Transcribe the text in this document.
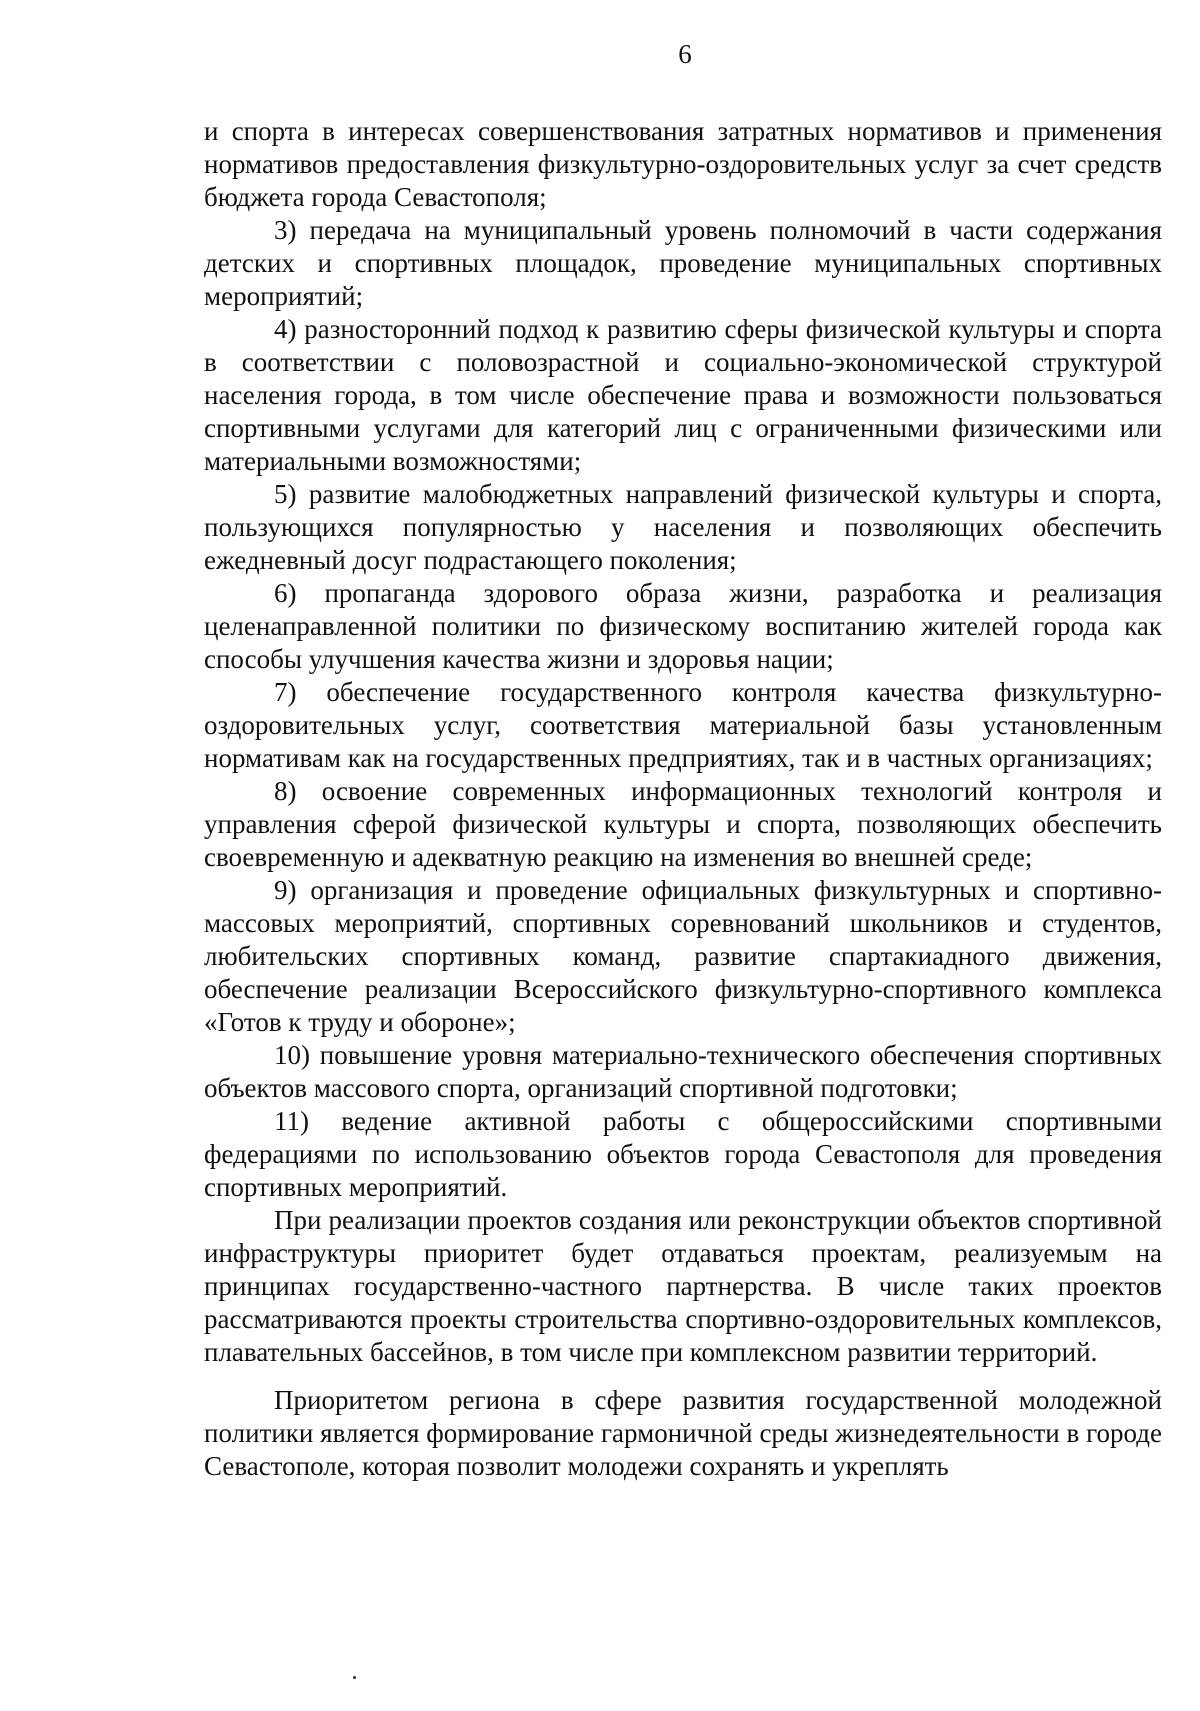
6

и спорта в интересах совершенствования затратных нормативов и применения нормативов предоставления физкультурно-оздоровительных услуг за счет средств бюджета города Севастополя;

3) передача на муниципальный уровень полномочий в части содержания детских и спортивных площадок, проведение муниципальных спортивных мероприятий;

4) разносторонний подход к развитию сферы физической культуры и спорта в соответствии с половозрастной и социально-экономической структурой населения города, в том числе обеспечение права и возможности пользоваться спортивными услугами для категорий лиц с ограниченными физическими или материальными возможностями;

5) развитие малобюджетных направлений физической культуры и спорта, пользующихся популярностью у населения и позволяющих обеспечить ежедневный досуг подрастающего поколения;

6) пропаганда здорового образа жизни, разработка и реализация целенаправленной политики по физическому воспитанию жителей города как способы улучшения качества жизни и здоровья нации;

7) обеспечение государственного контроля качества физкультурно-оздоровительных услуг, соответствия материальной базы установленным нормативам как на государственных предприятиях, так и в частных организациях;

8) освоение современных информационных технологий контроля и управления сферой физической культуры и спорта, позволяющих обеспечить своевременную и адекватную реакцию на изменения во внешней среде;

9) организация и проведение официальных физкультурных и спортивно-массовых мероприятий, спортивных соревнований школьников и студентов, любительских спортивных команд, развитие спартакиадного движения, обеспечение реализации Всероссийского физкультурно-спортивного комплекса «Готов к труду и обороне»;

10) повышение уровня материально-технического обеспечения спортивных объектов массового спорта, организаций спортивной подготовки;

11) ведение активной работы с общероссийскими спортивными федерациями по использованию объектов города Севастополя для проведения спортивных мероприятий.

При реализации проектов создания или реконструкции объектов спортивной инфраструктуры приоритет будет отдаваться проектам, реализуемым на принципах государственно-частного партнерства. В числе таких проектов рассматриваются проекты строительства спортивно-оздоровительных комплексов, плавательных бассейнов, в том числе при комплексном развитии территорий.

Приоритетом региона в сфере развития государственной молодежной политики является формирование гармоничной среды жизнедеятельности в городе Севастополе, которая позволит молодежи сохранять и укреплять
